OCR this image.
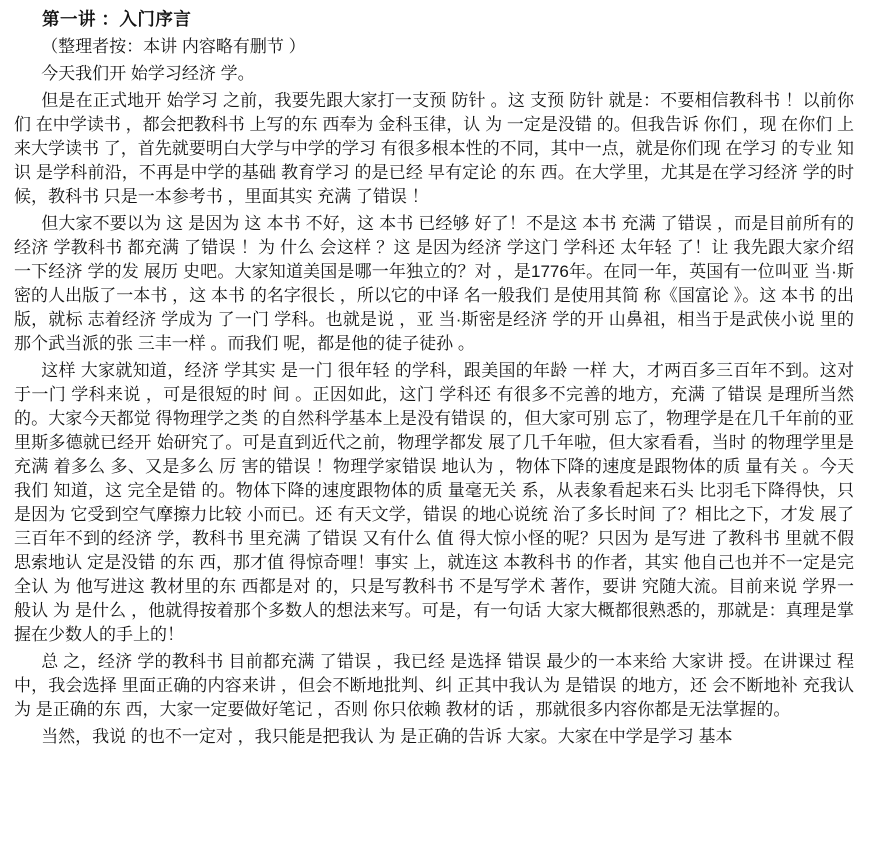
第一讲 ：入门序言

（整理者按：本讲 内容略有删节 ）

今天我们开 始学习经济 学。

但是在正式地开 始学习 之前，我要先跟大家打一支预 防针 。这 支预 防针 就是：不要相信教科书 ！以前你们 在中学读书 ，都会把教科书 上写的东 西奉为 金科玉律，认 为 一定是没错 的。但我告诉 你们 ，现 在你们 上来大学读书 了，首先就要明白大学与中学的学习 有很多根本性的不同，其中一点，就是你们现 在学习 的专业 知识 是学科前沿，不再是中学的基础 教育学习 的是已经 早有定论 的东 西。在大学里，尤其是在学习经济 学的时 候，教科书 只是一本参考书 ，里面其实 充满 了错误 ！

但大家不要以为 这 是因为 这 本书 不好，这 本书 已经够 好了！不是这 本书 充满 了错误 ，而是目前所有的经济 学教科书 都充满 了错误 ！为 什么 会这样 ？这 是因为经济 学这门 学科还 太年轻 了！让 我先跟大家介绍 一下经济 学的发 展历 史吧。大家知道美国是哪一年独立的？对 ，是1776年。在同一年，英国有一位叫亚 当·斯密的人出版了一本书 ，这 本书 的名字很长 ，所以它的中译 名一般我们 是使用其简 称《国富论 》。这 本书 的出版，就标 志着经济 学成为 了一门 学科。也就是说 ，亚 当·斯密是经济 学的开 山鼻祖，相当于是武侠小说 里的那个武当派的张 三丰一样 。而我们 呢，都是他的徒子徒孙 。

这样 大家就知道，经济 学其实 是一门 很年轻 的学科，跟美国的年龄 一样 大，才两百多三百年不到。这对 于一门 学科来说 ，可是很短的时 间 。正因如此，这门 学科还 有很多不完善的地方，充满 了错误 是理所当然的。大家今天都觉 得物理学之类 的自然科学基本上是没有错误 的，但大家可别 忘了，物理学是在几千年前的亚 里斯多德就已经开 始研究了。可是直到近代之前，物理学都发 展了几千年啦，但大家看看，当时 的物理学里是充满 着多么 多、又是多么 厉 害的错误 ！物理学家错误 地认为 ，物体下降的速度是跟物体的质 量有关 。今天我们 知道，这 完全是错 的。物体下降的速度跟物体的质 量毫无关 系，从表象看起来石头 比羽毛下降得快，只是因为 它受到空气摩擦力比较 小而已。还 有天文学，错误 的地心说统 治了多长时间 了？相比之下，才发 展了三百年不到的经济 学，教科书 里充满 了错误 又有什么 值 得大惊小怪的呢？只因为 是写进 了教科书 里就不假思索地认 定是没错 的东 西，那才值 得惊奇哩！事实 上，就连这 本教科书 的作者，其实 他自己也并不一定是完全认 为 他写进这 教材里的东 西都是对 的，只是写教科书 不是写学术 著作，要讲 究随大流。目前来说 学界一般认 为 是什么 ，他就得按着那个多数人的想法来写。可是，有一句话 大家大概都很熟悉的，那就是：真理是掌握在少数人的手上的！

总 之，经济 学的教科书 目前都充满 了错误 ，我已经 是选择 错误 最少的一本来给 大家讲 授。在讲课过 程中，我会选择 里面正确的内容来讲 ，但会不断地批判、纠 正其中我认为 是错误 的地方，还 会不断地补 充我认为 是正确的东 西，大家一定要做好笔记 ，否则 你只依赖 教材的话 ，那就很多内容你都是无法掌握的。

当然，我说 的也不一定对 ，我只能是把我认 为 是正确的告诉 大家。大家在中学是学习 基本
